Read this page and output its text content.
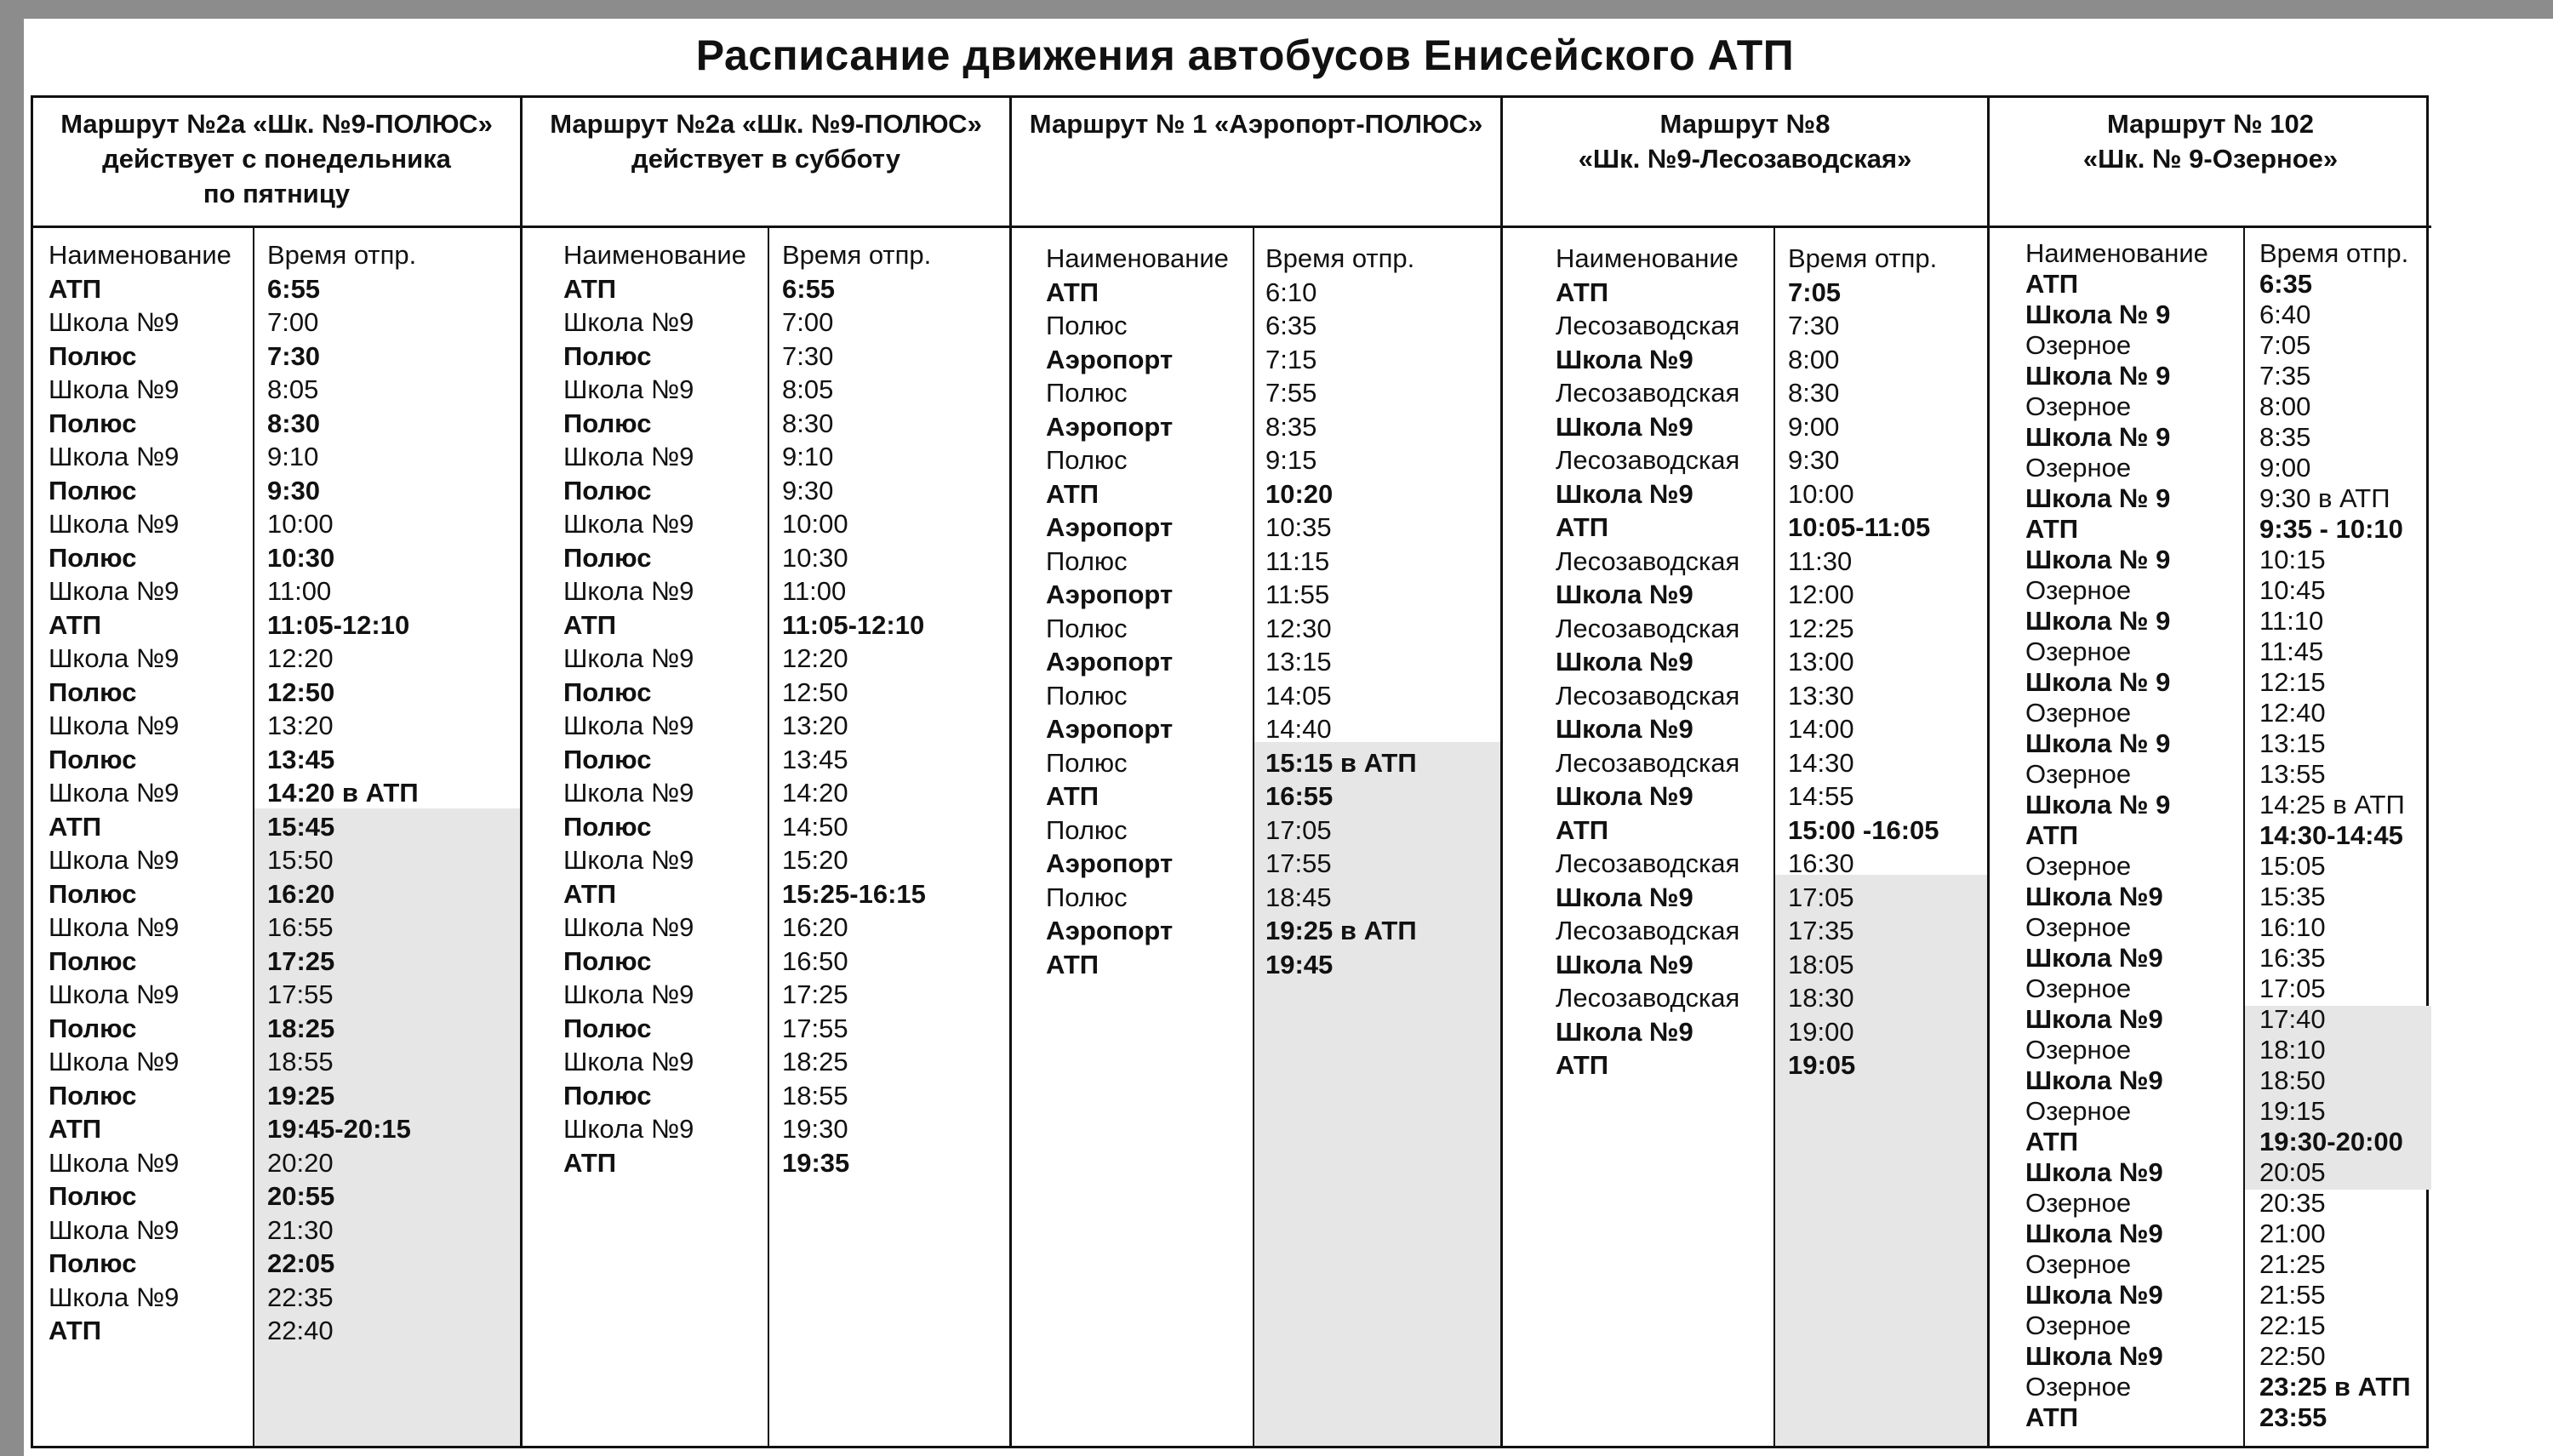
Расписание движения автобусов Енисейского АТП
Маршрут №2а «Шк. №9-ПОЛЮС»
действует с понедельника
по пятницу
Наименование Время отпр.
АТП	6:55
Школа №9	7:00
Полюс	7:30
Школа №9	8:05
Полюс	8:30
Школа №9	9:10
Полюс	9:30
Школа №9	10:00
Полюс	10:30
Школа №9	11:00
АТП	11:05-12:10
Школа №9	12:20
Полюс	12:50
Школа №9	13:20
Полюс	13:45
Школа №9	14:20 в АТП
АТП	15:45
Школа №9	15:50
Полюс	16:20
Школа №9	16:55
Полюс	17:25
Школа №9	17:55
Полюс	18:25
Школа №9	18:55
Полюс	19:25
АТП	19:45-20:15
Школа №9	20:20
Полюс	20:55
Школа №9	21:30
Полюс	22:05
Школа №9	22:35
АТП	22:40
Маршрут №2а «Шк. №9-ПОЛЮС»
действует в субботу
Наименование Время отпр.
АТП	6:55
Школа №9	7:00
Полюс	7:30
Школа №9	8:05
Полюс	8:30
Школа №9	9:10
Полюс	9:30
Школа №9	10:00
Полюс	10:30
Школа №9	11:00
АТП	11:05-12:10
Школа №9	12:20
Полюс	12:50
Школа №9	13:20
Полюс	13:45
Школа №9	14:20
Полюс	14:50
Школа №9	15:20
АТП	15:25-16:15
Школа №9	16:20
Полюс	16:50
Школа №9	17:25
Полюс	17:55
Школа №9	18:25
Полюс	18:55
Школа №9	19:30
АТП	19:35
Маршрут № 1 «Аэропорт-ПОЛЮС»
Наименование Время отпр.
АТП	6:10
Полюс	6:35
Аэропорт	7:15
Полюс	7:55
Аэропорт	8:35
Полюс	9:15
АТП	10:20
Аэропорт	10:35
Полюс	11:15
Аэропорт	11:55
Полюс	12:30
Аэропорт	13:15
Полюс	14:05
Аэропорт	14:40
Полюс	15:15 в АТП
АТП	16:55
Полюс	17:05
Аэропорт	17:55
Полюс	18:45
Аэропорт	19:25 в АТП
АТП	19:45
Маршрут №8
«Шк. №9-Лесозаводская»
Наименование Время отпр.
АТП	7:05
Лесозаводская 7:30
Школа №9	8:00
Лесозаводская 8:30
Школа №9	9:00
Лесозаводская 9:30
Школа №9	10:00
АТП	10:05-11:05
Лесозаводская 11:30
Школа №9	12:00
Лесозаводская 12:25
Школа №9	13:00
Лесозаводская 13:30
Школа №9	14:00
Лесозаводская 14:30
Школа №9	14:55
АТП	15:00 -16:05
Лесозаводская 16:30
Школа №9	17:05
Лесозаводская 17:35
Школа №9	18:05
Лесозаводская 18:30
Школа №9	19:00
АТП	19:05
Маршрут № 102
«Шк. № 9-Озерное»
Наименование Время отпр.
АТП	6:35
Школа № 9	6:40
Озерное	7:05
Школа № 9	7:35
Озерное	8:00
Школа № 9	8:35
Озерное	9:00
Школа № 9	9:30 в АТП
АТП	9:35 - 10:10
Школа № 9	10:15
Озерное	10:45
Школа № 9	11:10
Озерное	11:45
Школа № 9	12:15
Озерное	12:40
Школа № 9	13:15
Озерное	13:55
Школа № 9	14:25 в АТП
АТП	14:30-14:45
Озерное	15:05
Школа №9	15:35
Озерное	16:10
Школа №9	16:35
Озерное	17:05
Школа №9	17:40
Озерное	18:10
Школа №9	18:50
Озерное	19:15
АТП	19:30-20:00
Школа №9	20:05
Озерное	20:35
Школа №9	21:00
Озерное	21:25
Школа №9	21:55
Озерное	22:15
Школа №9	22:50
Озерное	23:25 в АТП
АТП	23:55
